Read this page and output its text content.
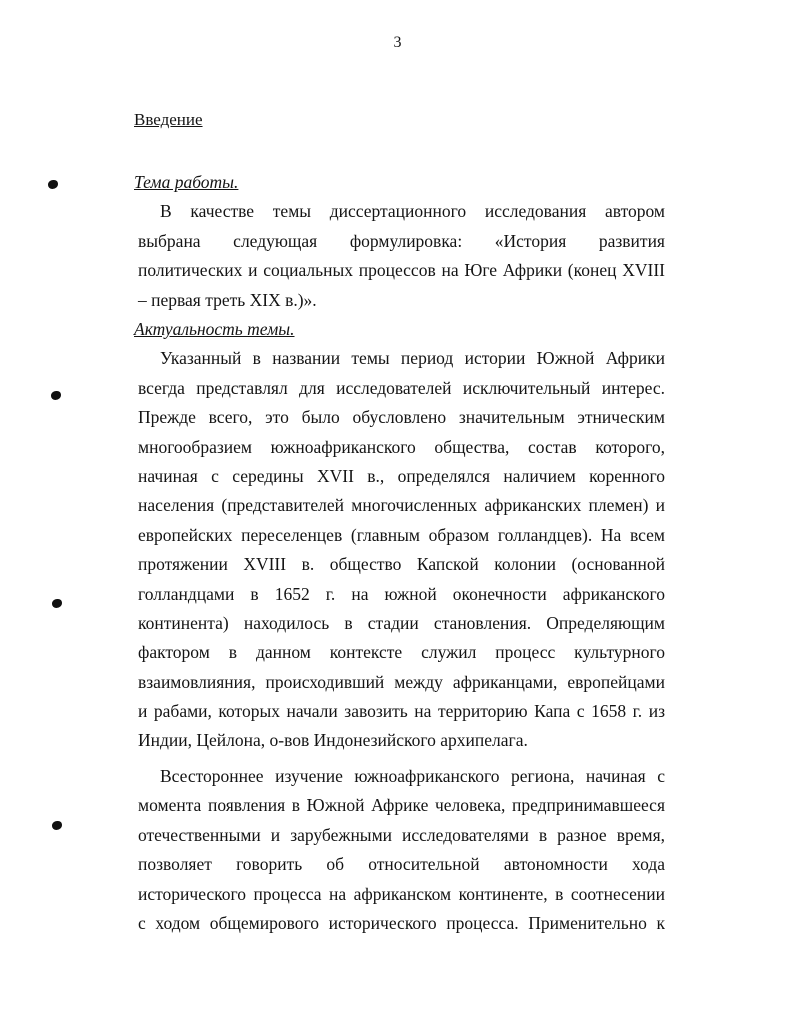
3
Введение
Тема работы.
В качестве темы диссертационного исследования автором
выбрана следующая формулировка: «История развития
политических и социальных процессов на Юге Африки (конец XVIII
– первая треть XIX в.)».
Актуальность темы.
Указанный в названии темы период истории Южной Африки
всегда представлял для исследователей исключительный интерес.
Прежде всего, это было обусловлено значительным этническим
многообразием южноафриканского общества, состав которого,
начиная с середины XVII в., определялся наличием коренного
населения (представителей многочисленных африканских племен) и
европейских переселенцев (главным образом голландцев). На всем
протяжении XVIII в. общество Капской колонии (основанной
голландцами в 1652 г. на южной оконечности африканского
континента) находилось в стадии становления. Определяющим
фактором в данном контексте служил процесс культурного
взаимовлияния, происходивший между африканцами, европейцами
и рабами, которых начали завозить на территорию Капа с 1658 г. из
Индии, Цейлона, о-вов Индонезийского архипелага.
Всестороннее изучение южноафриканского региона, начиная с
момента появления в Южной Африке человека, предпринимавшееся
отечественными и зарубежными исследователями в разное время,
позволяет говорить об относительной автономности хода
исторического процесса на африканском континенте, в соотнесении
с ходом общемирового исторического процесса. Применительно к
